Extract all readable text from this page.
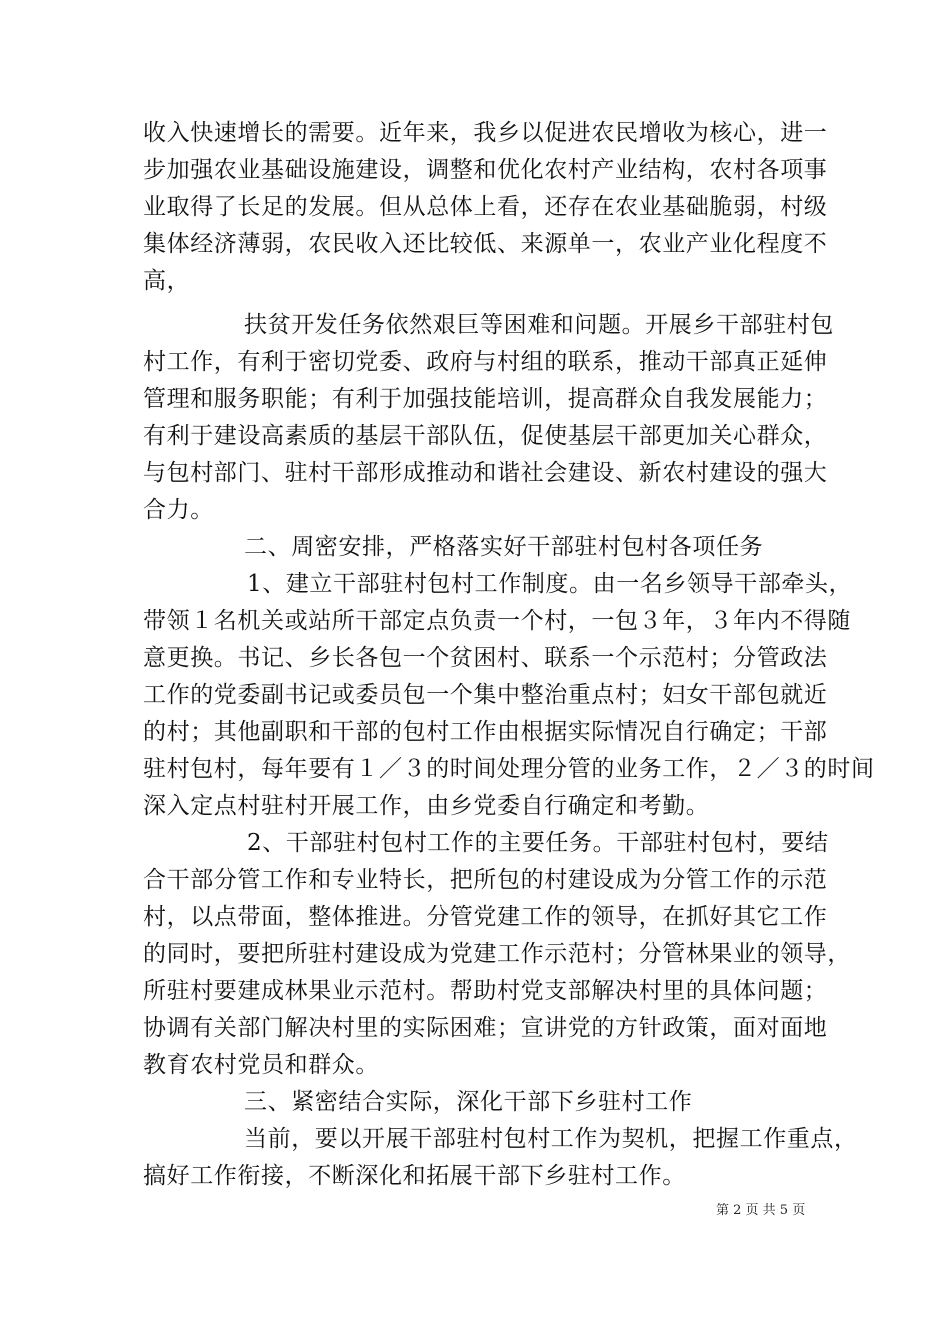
收入快速增长的需要。近年来，我乡以促进农民增收为核心，进一
步加强农业基础设施建设，调整和优化农村产业结构，农村各项事
业取得了长足的发展。但从总体上看，还存在农业基础脆弱，村级
集体经济薄弱，农民收入还比较低、来源单一，农业产业化程度不
高，
扶贫开发任务依然艰巨等困难和问题。开展乡干部驻村包
村工作，有利于密切党委、政府与村组的联系，推动干部真正延伸
管理和服务职能；有利于加强技能培训，提高群众自我发展能力；
有利于建设高素质的基层干部队伍，促使基层干部更加关心群众，
与包村部门、驻村干部形成推动和谐社会建设、新农村建设的强大
合力。
二、周密安排，严格落实好干部驻村包村各项任务
1、建立干部驻村包村工作制度。由一名乡领导干部牵头，
带领１名机关或站所干部定点负责一个村，一包３年，３年内不得随
意更换。书记、乡长各包一个贫困村、联系一个示范村；分管政法
工作的党委副书记或委员包一个集中整治重点村；妇女干部包就近
的村；其他副职和干部的包村工作由根据实际情况自行确定；干部
驻村包村，每年要有１／３的时间处理分管的业务工作，２／３的时间
深入定点村驻村开展工作，由乡党委自行确定和考勤。
2、干部驻村包村工作的主要任务。干部驻村包村，要结
合干部分管工作和专业特长，把所包的村建设成为分管工作的示范
村，以点带面，整体推进。分管党建工作的领导，在抓好其它工作
的同时，要把所驻村建设成为党建工作示范村；分管林果业的领导，
所驻村要建成林果业示范村。帮助村党支部解决村里的具体问题；
协调有关部门解决村里的实际困难；宣讲党的方针政策，面对面地
教育农村党员和群众。
三、紧密结合实际，深化干部下乡驻村工作
当前，要以开展干部驻村包村工作为契机，把握工作重点，
搞好工作衔接，不断深化和拓展干部下乡驻村工作。
第 2 页 共 5 页
